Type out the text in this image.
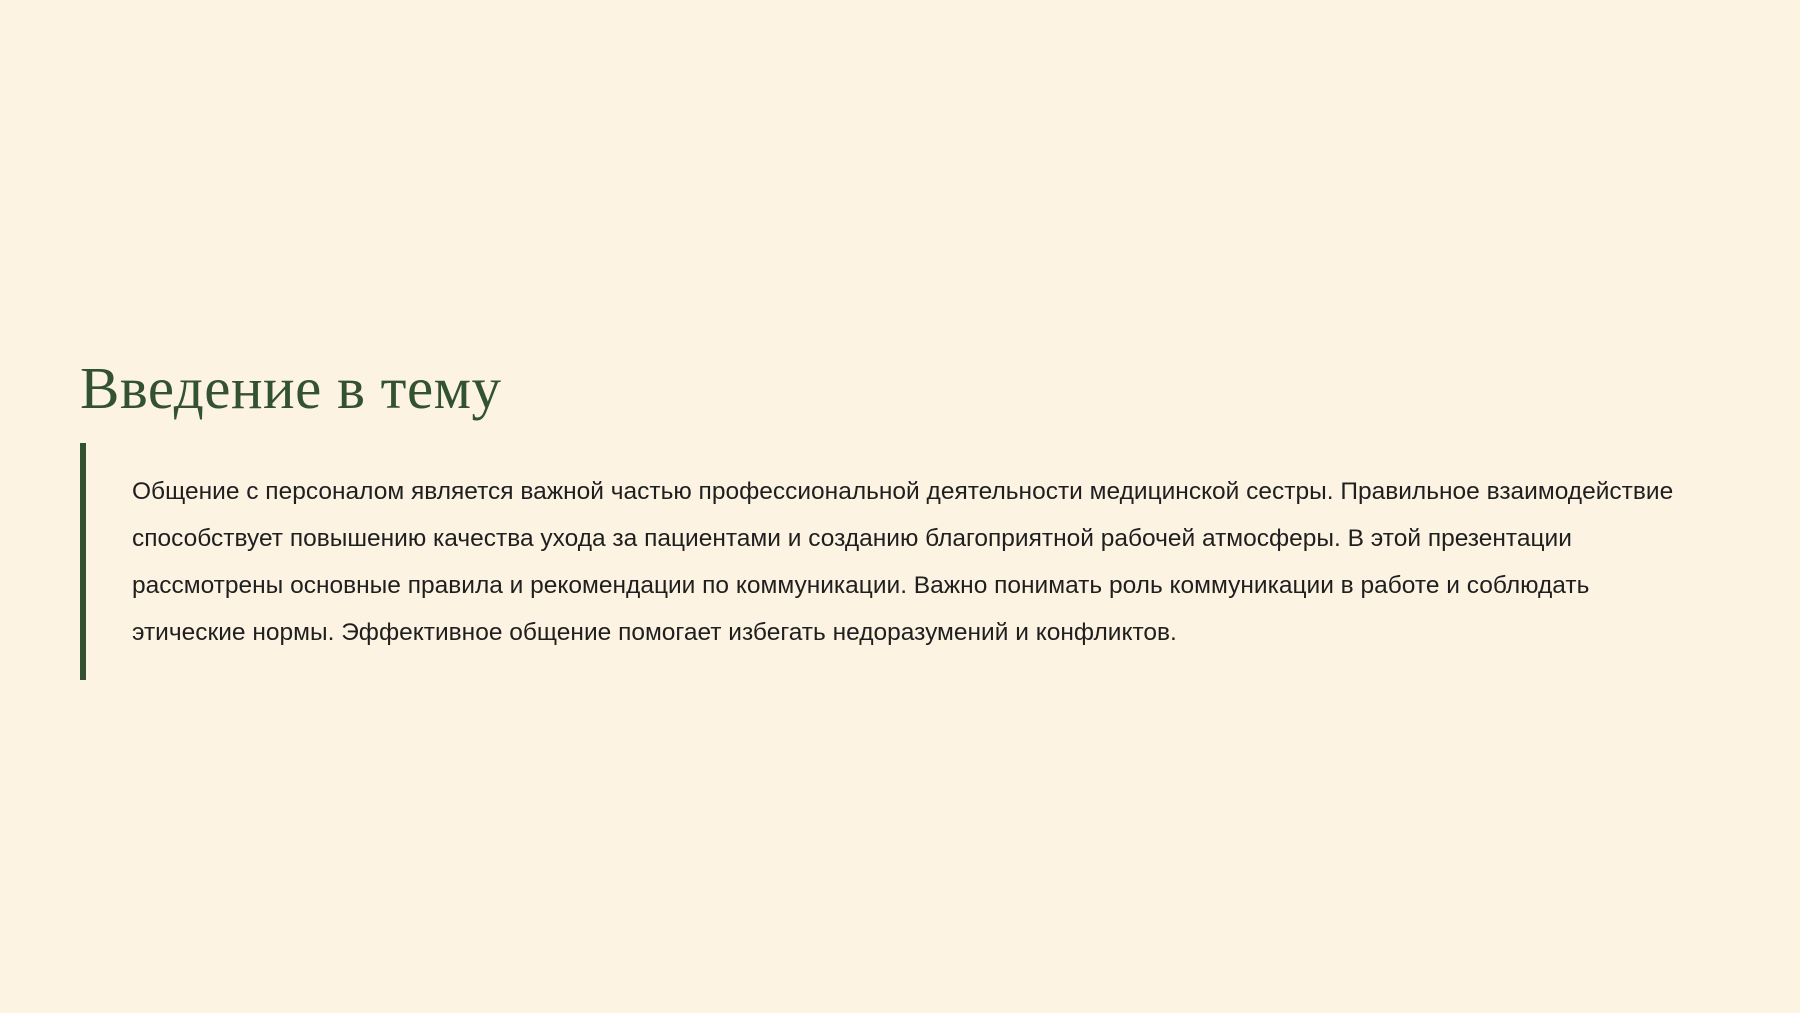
Введение в тему

Общение с персоналом является важной частью профессиональной деятельности медицинской сестры. Правильное взаимодействие способствует повышению качества ухода за пациентами и созданию благоприятной рабочей атмосферы. В этой презентации рассмотрены основные правила и рекомендации по коммуникации. Важно понимать роль коммуникации в работе и соблюдать этические нормы. Эффективное общение помогает избегать недоразумений и конфликтов.
